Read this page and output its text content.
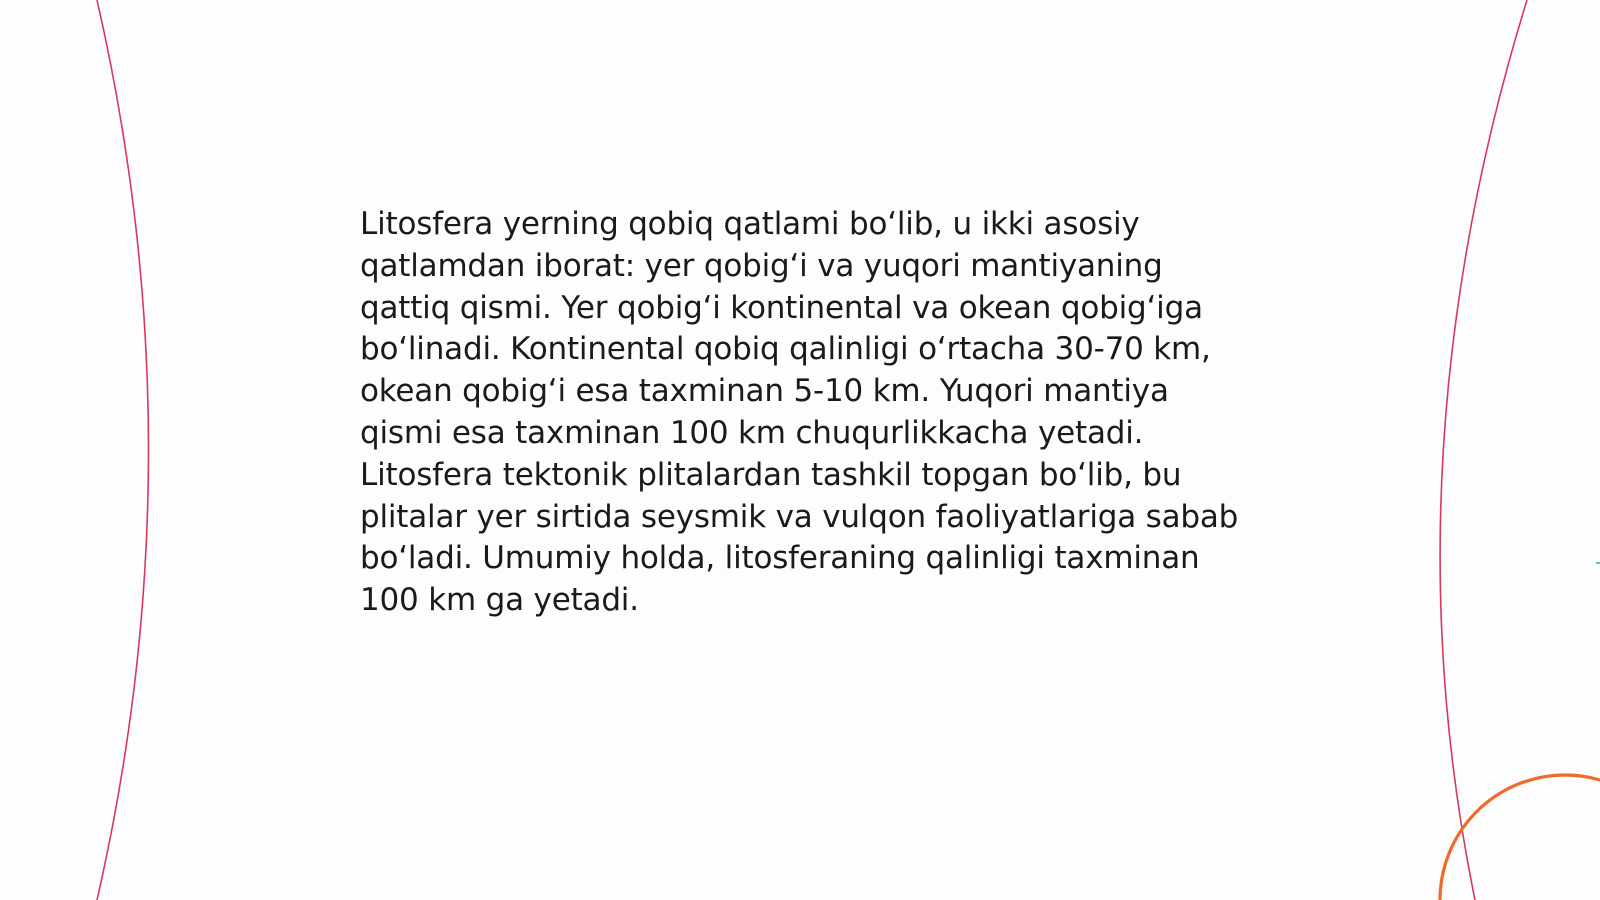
Litosfera yerning qobiq qatlami bo‘lib, u ikki asosiy qatlamdan iborat: yer qobig‘i va yuqori mantiyaning qattiq qismi. Yer qobig‘i kontinental va okean qobig‘iga bo‘linadi. Kontinental qobiq qalinligi o‘rtacha 30-70 km, okean qobig‘i esa taxminan 5-10 km. Yuqori mantiya qismi esa taxminan 100 km chuqurlikkacha yetadi. Litosfera tektonik plitalardan tashkil topgan bo‘lib, bu plitalar yer sirtida seysmik va vulqon faoliyatlariga sabab bo‘ladi. Umumiy holda, litosferaning qalinligi taxminan 100 km ga yetadi.
